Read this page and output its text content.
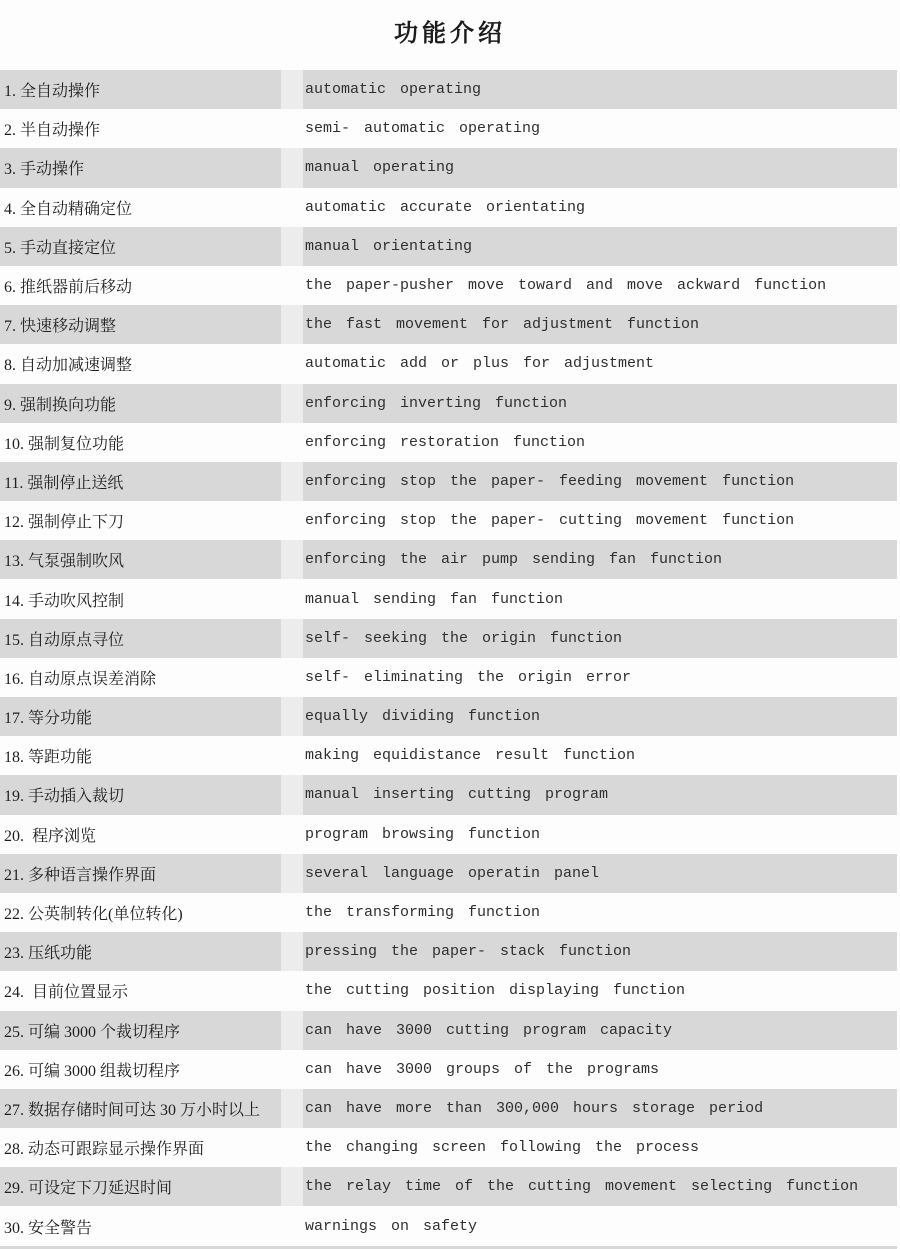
功能介绍
1. 全自动操作	automatic operating
2. 半自动操作	semi- automatic operating
3. 手动操作	manual operating
4. 全自动精确定位	automatic accurate orientating
5. 手动直接定位	manual orientating
6. 推纸器前后移动	the paper-pusher move toward and move ackward function
7. 快速移动调整	the fast movement for adjustment function
8. 自动加减速调整	automatic add or plus for adjustment
9. 强制换向功能	enforcing inverting function
10. 强制复位功能	enforcing restoration function
11. 强制停止送纸	enforcing stop the paper- feeding movement function
12. 强制停止下刀	enforcing stop the paper- cutting movement function
13. 气泵强制吹风	enforcing the air pump sending fan function
14. 手动吹风控制	manual sending fan function
15. 自动原点寻位	self- seeking the origin function
16. 自动原点误差消除	self- eliminating the origin error
17. 等分功能	equally dividing function
18. 等距功能	making equidistance result function
19. 手动插入裁切	manual inserting cutting program
20.  程序浏览	program browsing function
21. 多种语言操作界面	several language operatin panel
22. 公英制转化(单位转化)	the transforming function
23. 压纸功能	pressing the paper- stack function
24.  目前位置显示	the cutting position displaying function
25. 可编 3000 个裁切程序	can have 3000 cutting program capacity
26. 可编 3000 组裁切程序	can have 3000 groups of the programs
27. 数据存储时间可达 30 万小时以上	can have more than 300,000 hours storage period
28. 动态可跟踪显示操作界面	the changing screen following the process
29. 可设定下刀延迟时间	the relay time of the cutting movement selecting function
30. 安全警告	warnings on safety
